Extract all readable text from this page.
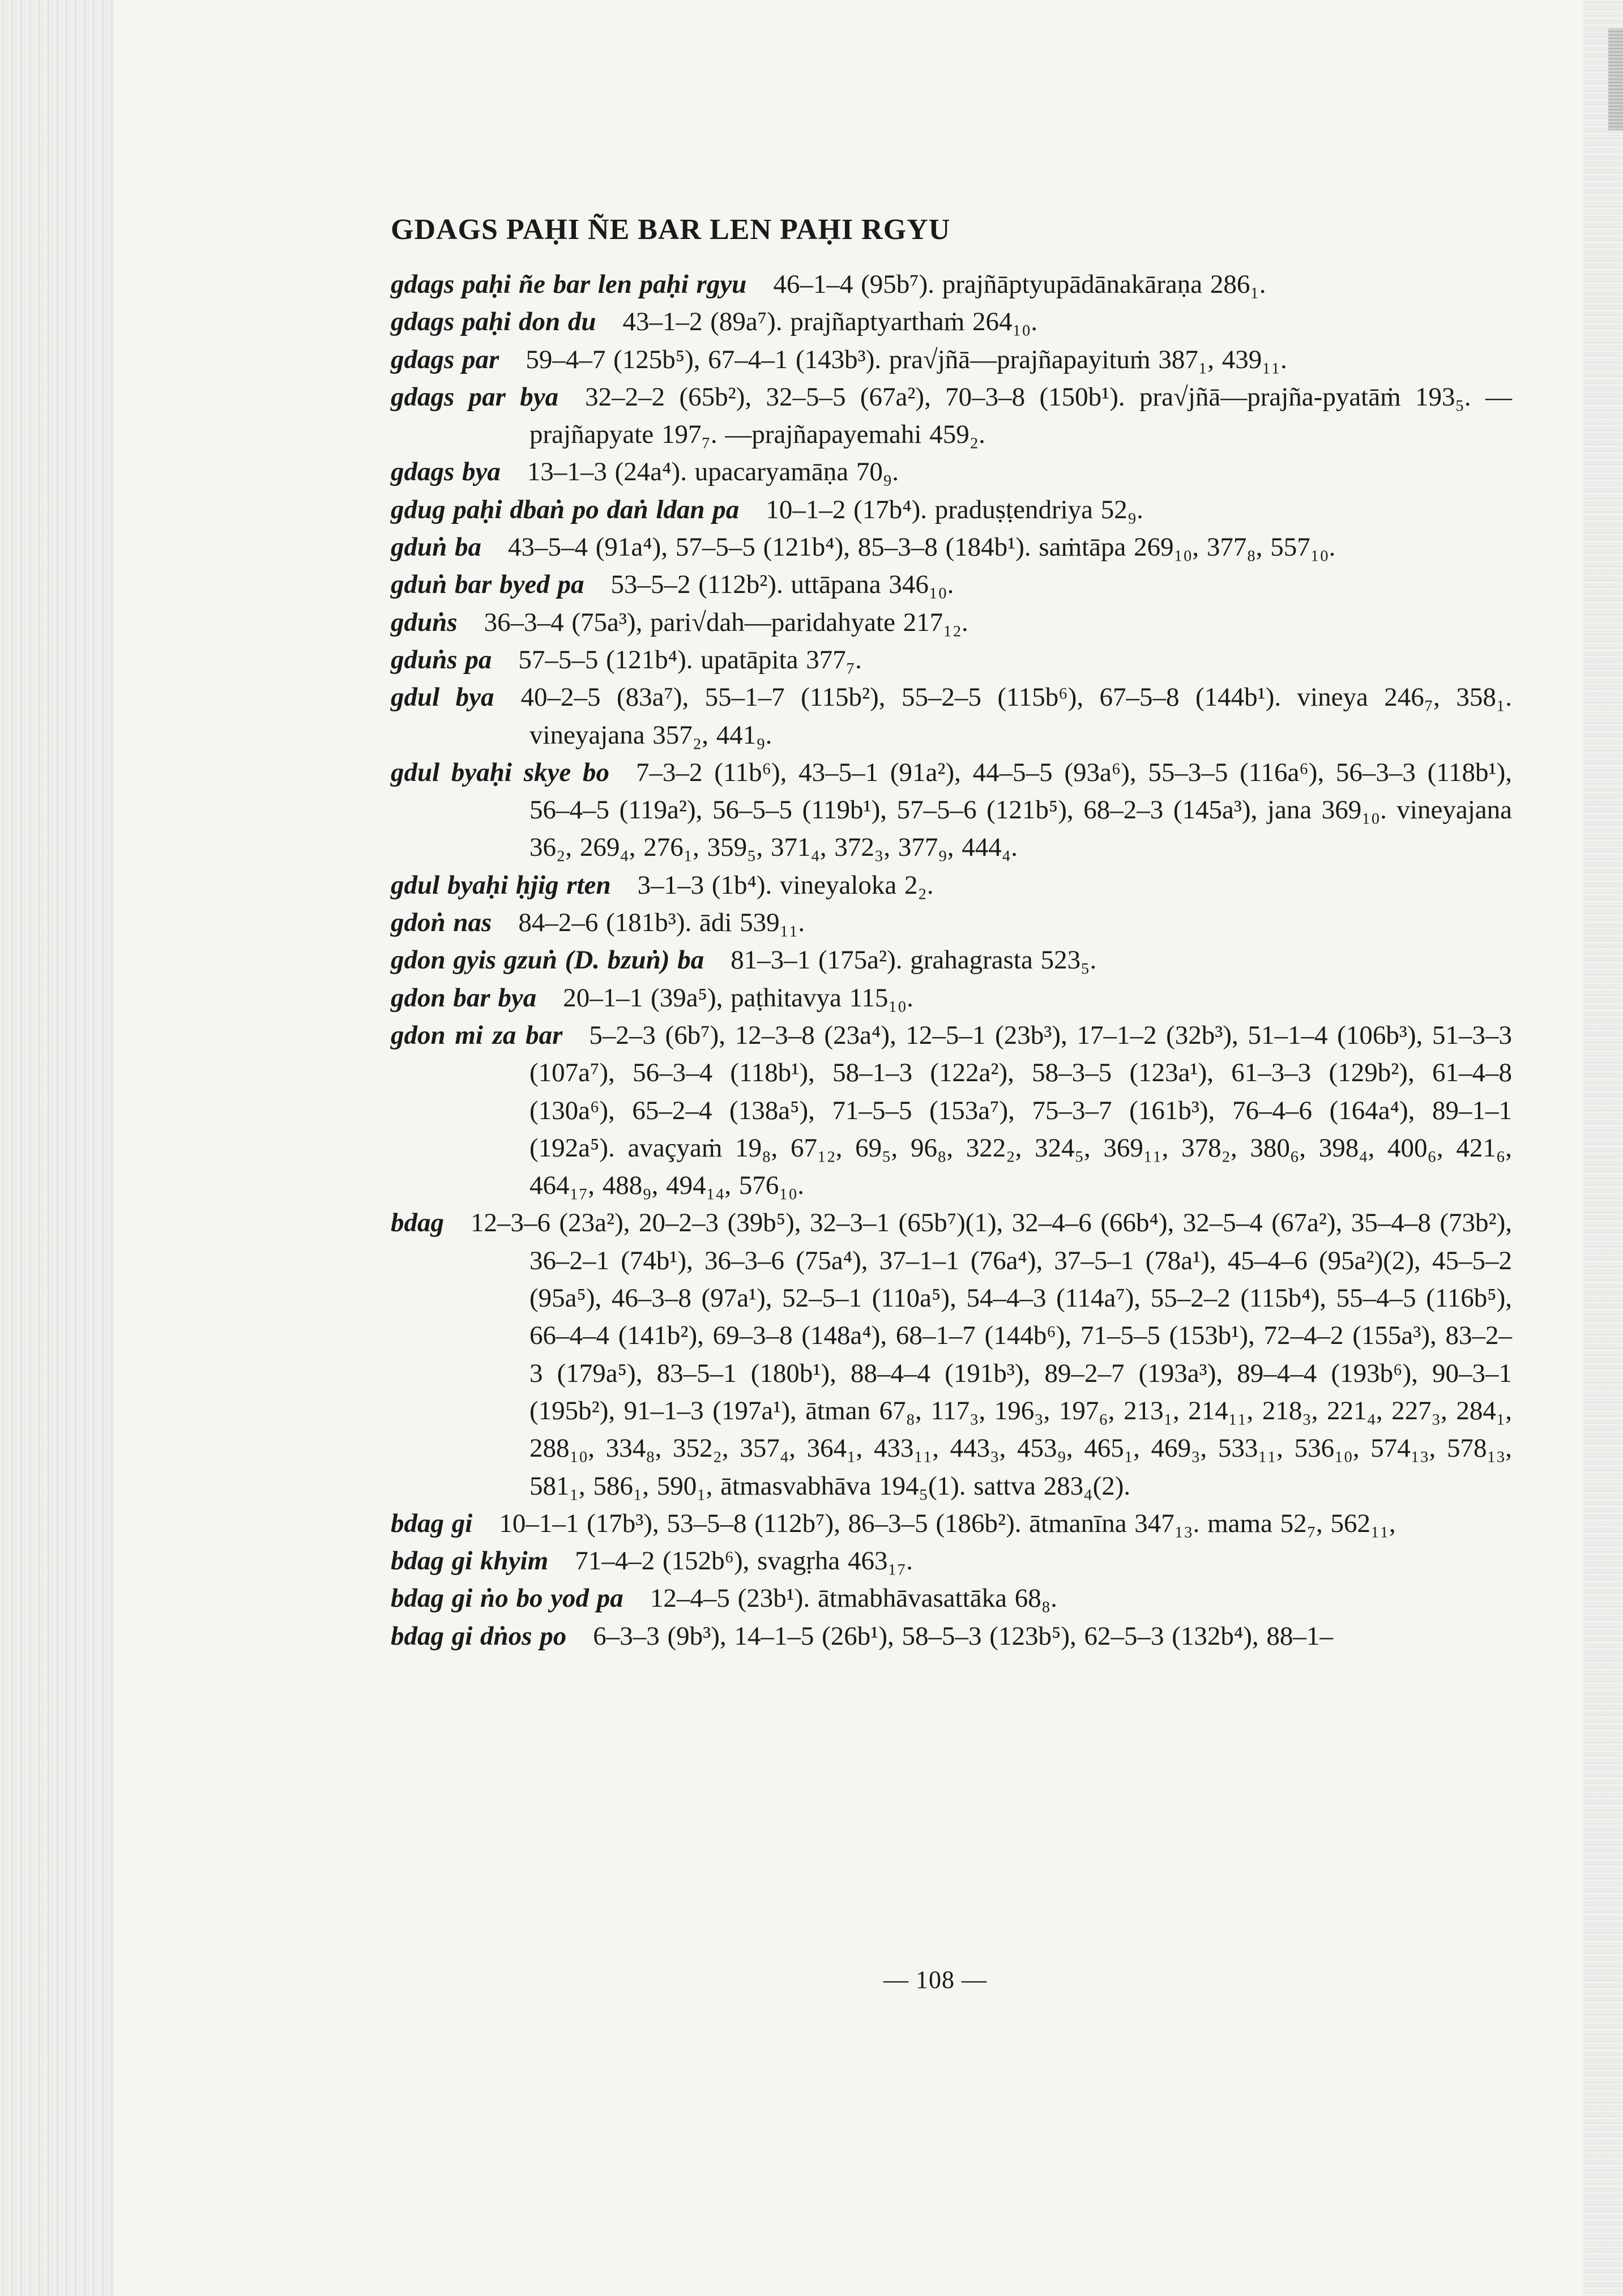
GDAGS PAḤI ÑE BAR LEN PAḤI RGYU

gdags paḥi ñe bar len paḥi rgyu   46–1–4 (95b⁷). prajñāptyupādānakāraṇa 286₁.

gdags paḥi don du   43–1–2 (89a⁷). prajñaptyarthaṁ 264₁₀.

gdags par   59–4–7 (125b⁵), 67–4–1 (143b³). pra√jñā—prajñapayituṁ 387₁, 439₁₁.

gdags par bya   32–2–2 (65b²), 32–5–5 (67a²), 70–3–8 (150b¹). pra√jñā—prajña-pyatāṁ 193₅. —prajñapyate 197₇. —prajñapayemahi 459₂.

gdags bya   13–1–3 (24a⁴). upacaryamāṇa 70₉.

gdug paḥi dbaṅ po daṅ ldan pa   10–1–2 (17b⁴). praduṣṭendriya 52₉.

gduṅ ba   43–5–4 (91a⁴), 57–5–5 (121b⁴), 85–3–8 (184b¹). saṁtāpa 269₁₀, 377₈, 557₁₀.

gduṅ bar byed pa   53–5–2 (112b²). uttāpana 346₁₀.

gduṅs   36–3–4 (75a³), pari√dah—paridahyate 217₁₂.

gduṅs pa   57–5–5 (121b⁴). upatāpita 377₇.

gdul bya   40–2–5 (83a⁷), 55–1–7 (115b²), 55–2–5 (115b⁶), 67–5–8 (144b¹). vineya 246₇, 358₁. vineyajana 357₂, 441₉.

gdul byaḥi skye bo   7–3–2 (11b⁶), 43–5–1 (91a²), 44–5–5 (93a⁶), 55–3–5 (116a⁶), 56–3–3 (118b¹), 56–4–5 (119a²), 56–5–5 (119b¹), 57–5–6 (121b⁵), 68–2–3 (145a³), jana 369₁₀. vineyajana 36₂, 269₄, 276₁, 359₅, 371₄, 372₃, 377₉, 444₄.

gdul byaḥi ḥjig rten   3–1–3 (1b⁴). vineyaloka 2₂.

gdoṅ nas   84–2–6 (181b³). ādi 539₁₁.

gdon gyis gzuṅ (D. bzuṅ) ba   81–3–1 (175a²). grahagrasta 523₅.

gdon bar bya   20–1–1 (39a⁵), paṭhitavya 115₁₀.

gdon mi za bar   5–2–3 (6b⁷), 12–3–8 (23a⁴), 12–5–1 (23b³), 17–1–2 (32b³), 51–1–4 (106b³), 51–3–3 (107a⁷), 56–3–4 (118b¹), 58–1–3 (122a²), 58–3–5 (123a¹), 61–3–3 (129b²), 61–4–8 (130a⁶), 65–2–4 (138a⁵), 71–5–5 (153a⁷), 75–3–7 (161b³), 76–4–6 (164a⁴), 89–1–1 (192a⁵). avaçyaṁ 19₈, 67₁₂, 69₅, 96₈, 322₂, 324₅, 369₁₁, 378₂, 380₆, 398₄, 400₆, 421₆, 464₁₇, 488₉, 494₁₄, 576₁₀.

bdag   12–3–6 (23a²), 20–2–3 (39b⁵), 32–3–1 (65b⁷)(1), 32–4–6 (66b⁴), 32–5–4 (67a²), 35–4–8 (73b²), 36–2–1 (74b¹), 36–3–6 (75a⁴), 37–1–1 (76a⁴), 37–5–1 (78a¹), 45–4–6 (95a²)(2), 45–5–2 (95a⁵), 46–3–8 (97a¹), 52–5–1 (110a⁵), 54–4–3 (114a⁷), 55–2–2 (115b⁴), 55–4–5 (116b⁵), 66–4–4 (141b²), 69–3–8 (148a⁴), 68–1–7 (144b⁶), 71–5–5 (153b¹), 72–4–2 (155a³), 83–2–3 (179a⁵), 83–5–1 (180b¹), 88–4–4 (191b³), 89–2–7 (193a³), 89–4–4 (193b⁶), 90–3–1 (195b²), 91–1–3 (197a¹), ātman 67₈, 117₃, 196₃, 197₆, 213₁, 214₁₁, 218₃, 221₄, 227₃, 284₁, 288₁₀, 334₈, 352₂, 357₄, 364₁, 433₁₁, 443₃, 453₉, 465₁, 469₃, 533₁₁, 536₁₀, 574₁₃, 578₁₃, 581₁, 586₁, 590₁, ātmasvabhāva 194₅(1). sattva 283₄(2).

bdag gi   10–1–1 (17b³), 53–5–8 (112b⁷), 86–3–5 (186b²). ātmanīna 347₁₃. mama 52₇, 562₁₁,

bdag gi khyim   71–4–2 (152b⁶), svagṛha 463₁₇.

bdag gi ṅo bo yod pa   12–4–5 (23b¹). ātmabhāvasattāka 68₈.

bdag gi dṅos po   6–3–3 (9b³), 14–1–5 (26b¹), 58–5–3 (123b⁵), 62–5–3 (132b⁴), 88–1–

— 108 —
